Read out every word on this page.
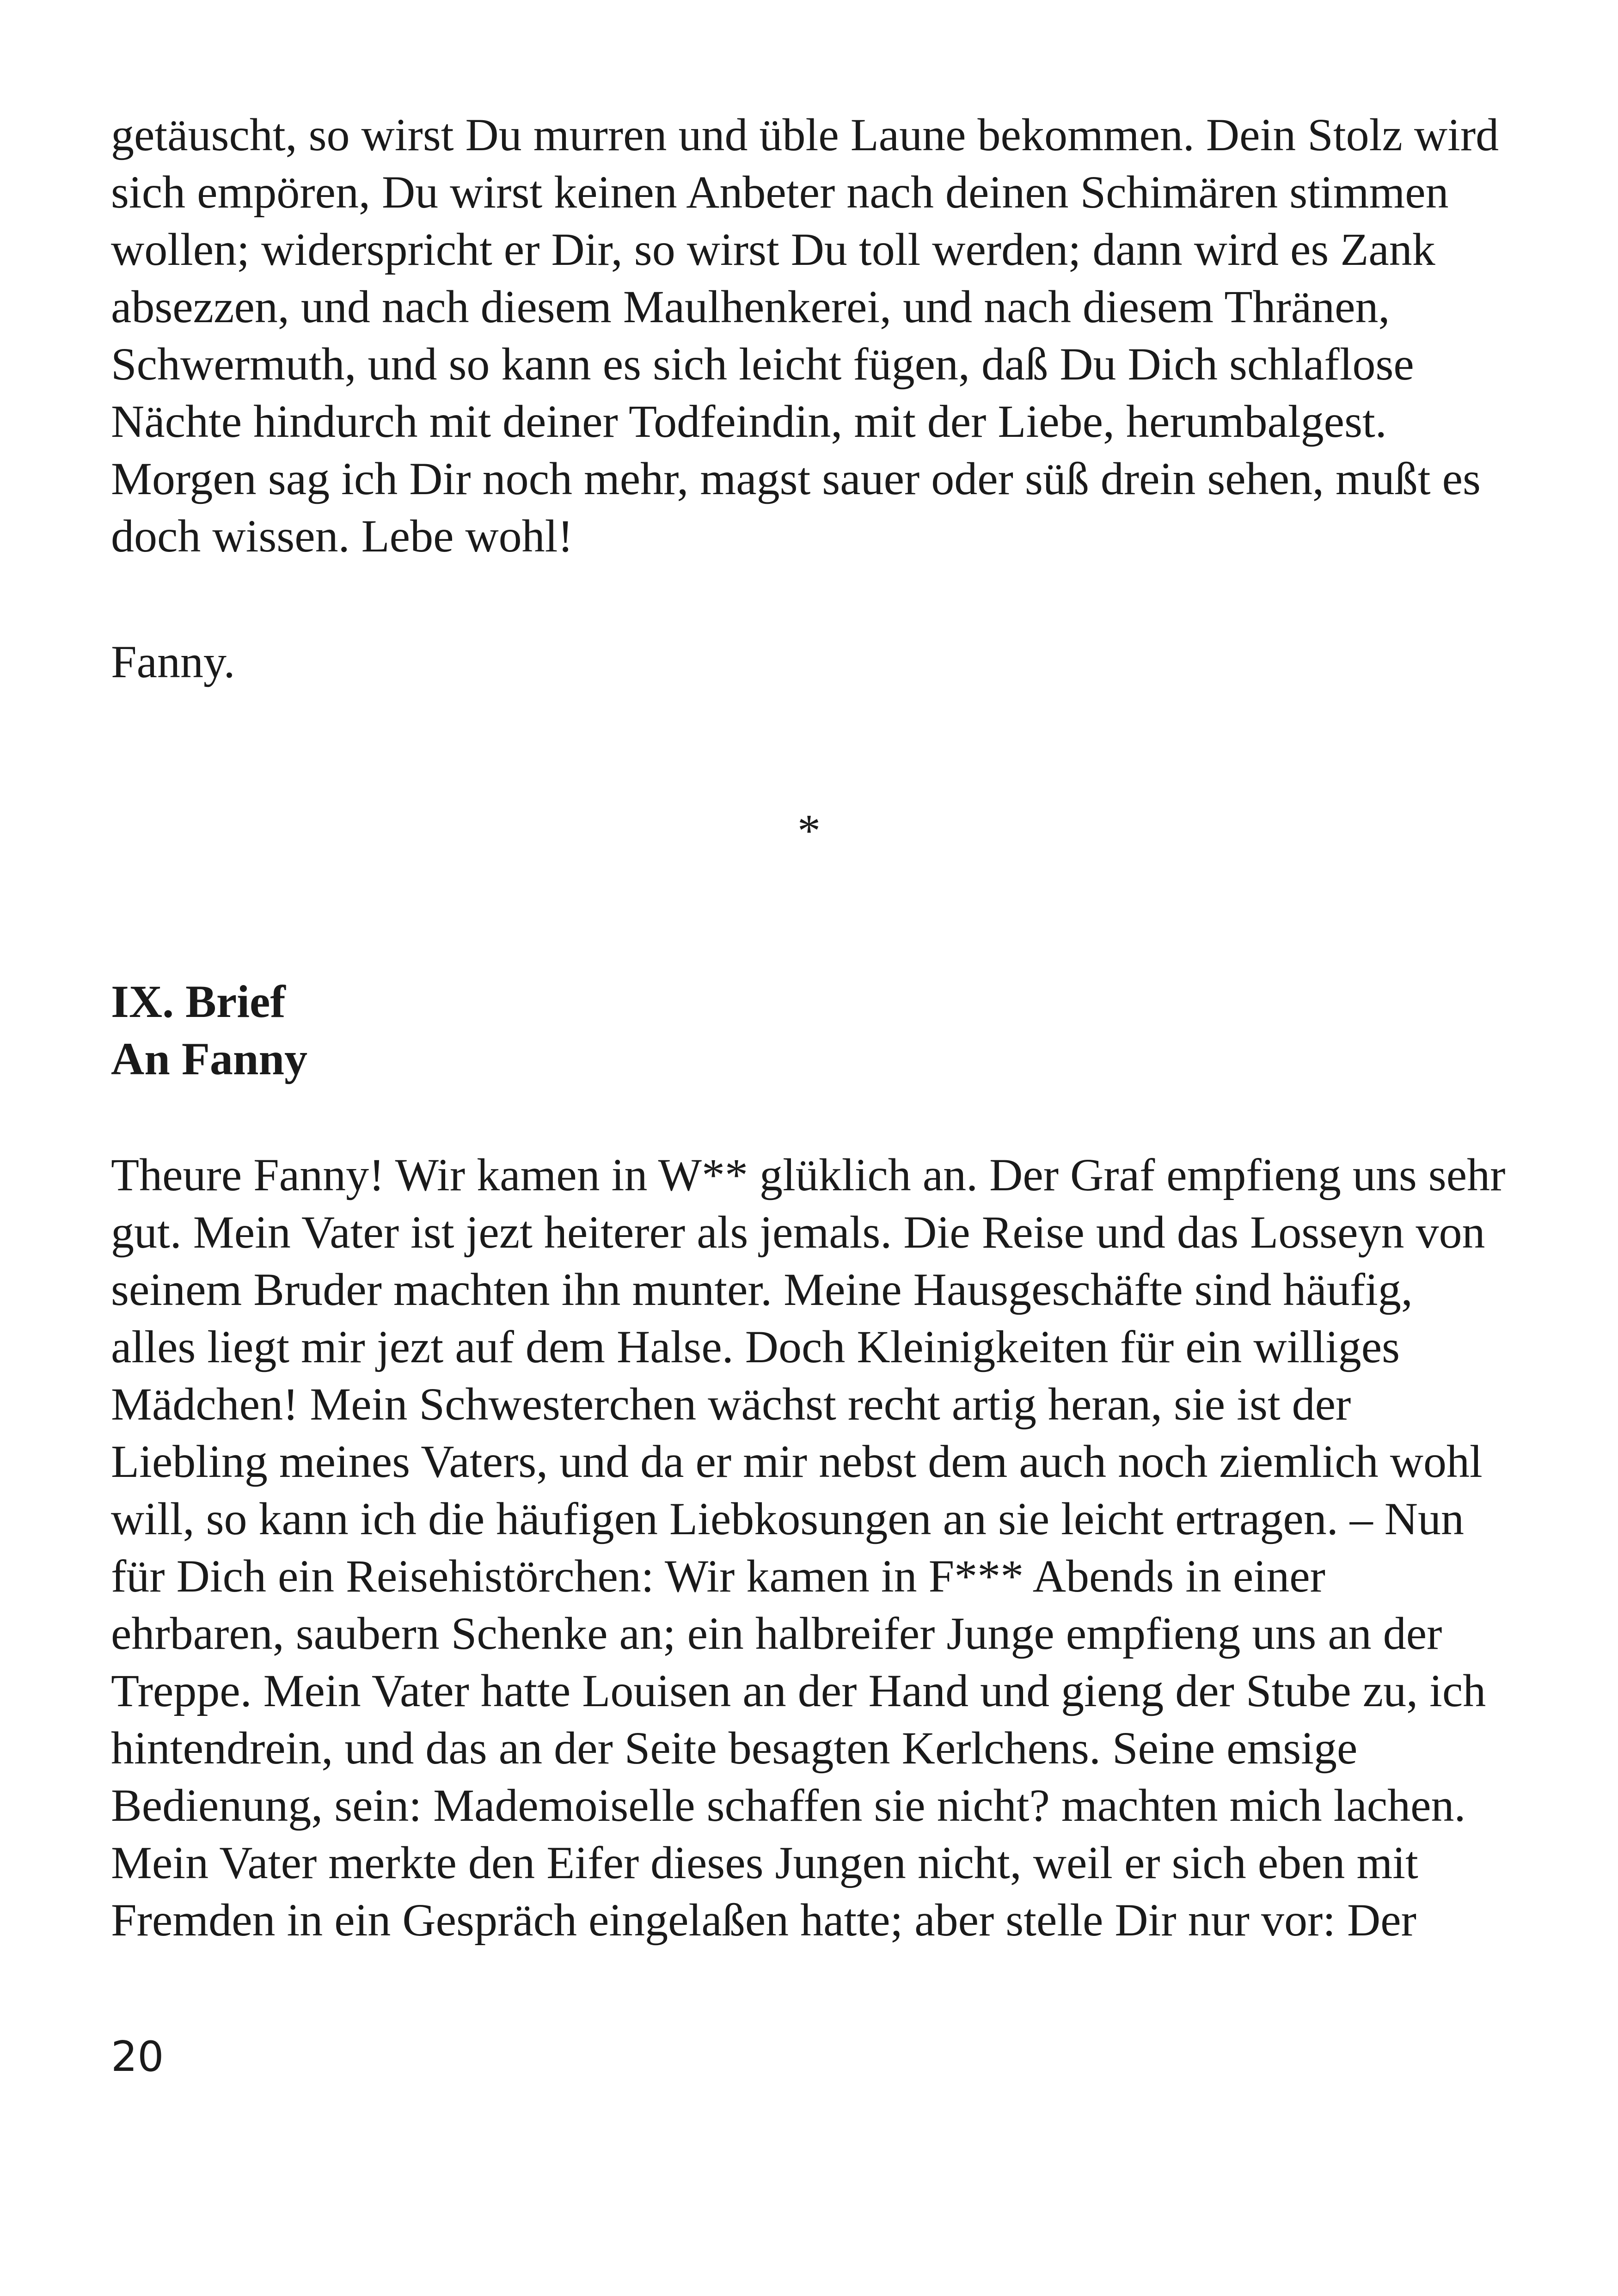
getäuscht, so wirst Du murren und üble Laune bekommen. Dein Stolz wird
sich empören, Du wirst keinen Anbeter nach deinen Schimären stimmen
wollen; widerspricht er Dir, so wirst Du toll werden; dann wird es Zank
absezzen, und nach diesem Maulhenkerei, und nach diesem Thränen,
Schwermuth, und so kann es sich leicht fügen, daß Du Dich schlaflose
Nächte hindurch mit deiner Todfeindin, mit der Liebe, herumbalgest.
Morgen sag ich Dir noch mehr, magst sauer oder süß drein sehen, mußt es
doch wissen. Lebe wohl!

Fanny.

*

IX. Brief
An Fanny

Theure Fanny! Wir kamen in W** glüklich an. Der Graf empfieng uns sehr
gut. Mein Vater ist jezt heiterer als jemals. Die Reise und das Losseyn von
seinem Bruder machten ihn munter. Meine Hausgeschäfte sind häufig,
alles liegt mir jezt auf dem Halse. Doch Kleinigkeiten für ein williges
Mädchen! Mein Schwesterchen wächst recht artig heran, sie ist der
Liebling meines Vaters, und da er mir nebst dem auch noch ziemlich wohl
will, so kann ich die häufigen Liebkosungen an sie leicht ertragen. – Nun
für Dich ein Reisehistörchen: Wir kamen in F*** Abends in einer
ehrbaren, saubern Schenke an; ein halbreifer Junge empfieng uns an der
Treppe. Mein Vater hatte Louisen an der Hand und gieng der Stube zu, ich
hintendrein, und das an der Seite besagten Kerlchens. Seine emsige
Bedienung, sein: Mademoiselle schaffen sie nicht? machten mich lachen.
Mein Vater merkte den Eifer dieses Jungen nicht, weil er sich eben mit
Fremden in ein Gespräch eingelaßen hatte; aber stelle Dir nur vor: Der

20
